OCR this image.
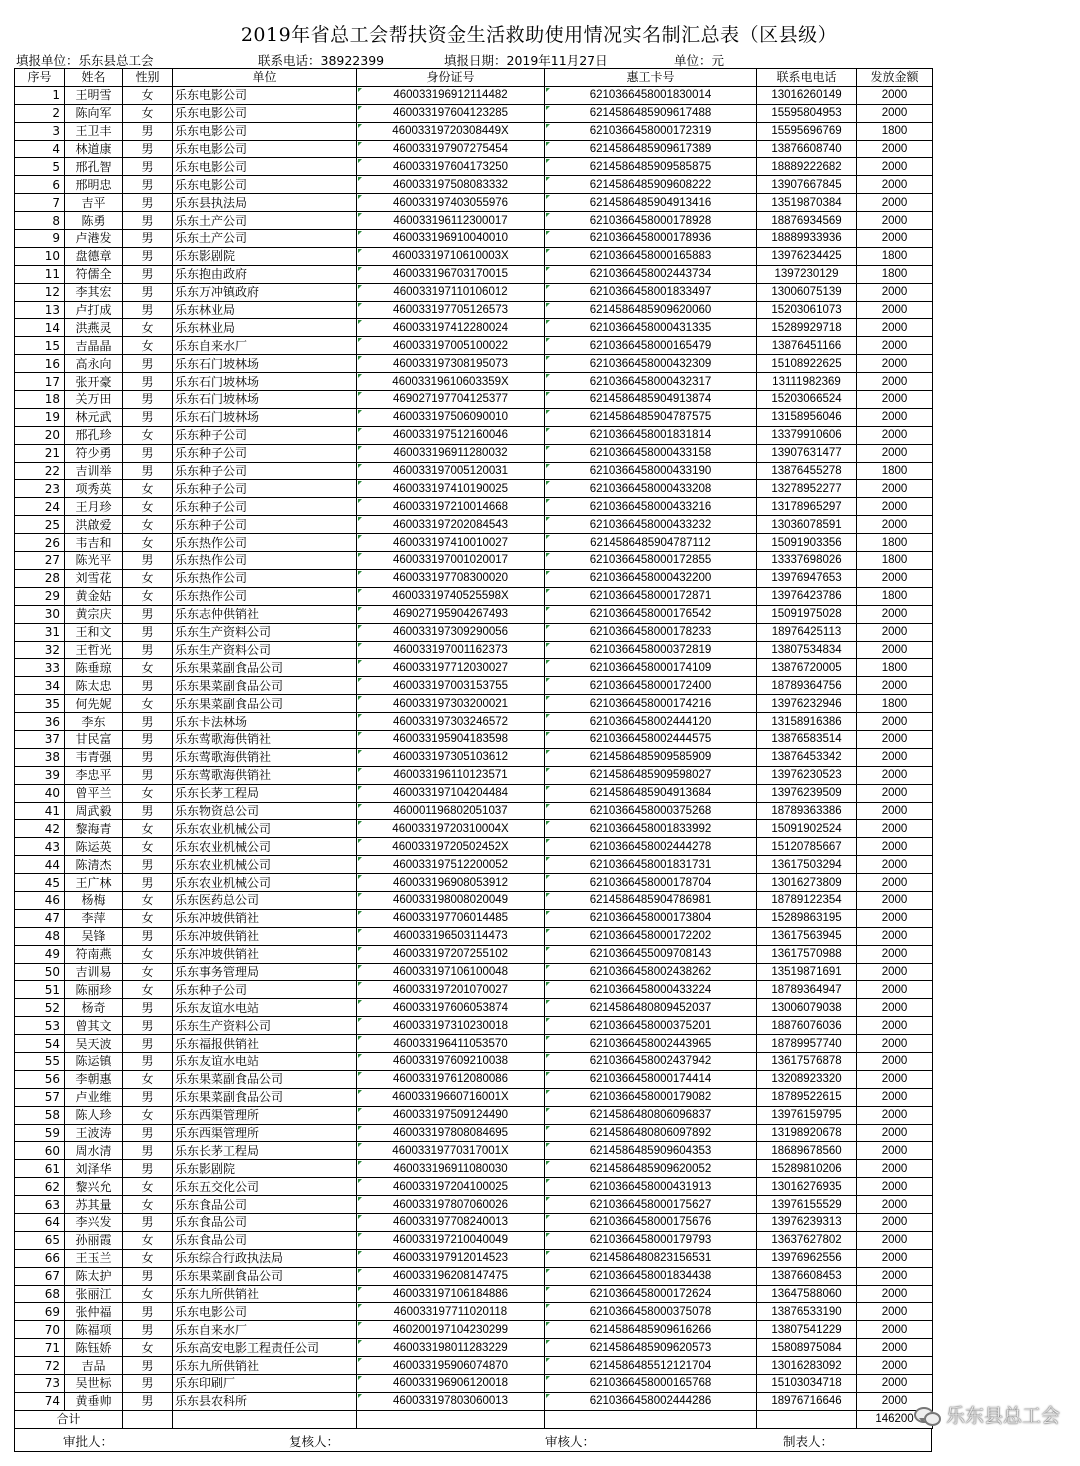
2019年省总工会帮扶资金生活救助使用情况实名制汇总表（区县级）
填报单位：乐东县总工会	联系电话：38922399	填报日期：2019年11月27日	单位：元
序号	姓名	性别	单位	身份证号	惠工卡号	联系电电话	发放金额
1	王明雪	女	乐东电影公司	460033196912114482	6210366458001830014	13016260149	2000
2	陈向军	女	乐东电影公司	460033197604123285	6214586485909617488	15595804953	2000
3	王卫丰	男	乐东电影公司	460033197203084​49X	6210366458000172319	15595696769	1800
4	林道康	男	乐东电影公司	460033197907275454	6214586485909617389	13876608740	2000
5	邢孔智	男	乐东电影公司	460033197604173250	6214586485909585875	18889222682	2000
6	邢明忠	男	乐东电影公司	460033197508083332	6214586485909608222	13907667845	2000
7	吉平	男	乐东县执法局	460033197403055976	6214586485904913416	13519870384	2000
8	陈勇	男	乐东土产公司	460033196112300017	6210366458000178928	18876934569	2000
9	卢港发	男	乐东土产公司	460033196910040010	6210366458000178936	18889933936	2000
10	盘德章	男	乐东影剧院	46003319710610003X	6210366458000165883	13976234425	1800
11	符儒全	男	乐东抱由政府	460033196703170015	6210366458002443734	1397230129	1800
12	李其宏	男	乐东万冲镇政府	460033197110106012	6210366458001833497	13006075139	2000
13	卢打成	男	乐东林业局	460033197705126573	6214586485909620060	15203061073	2000
14	洪燕灵	女	乐东林业局	460033197412280024	6210366458000431335	15289929718	2000
15	吉晶晶	女	乐东自来水厂	460033197005100022	6210366458000165479	13876451166	2000
16	高永向	男	乐东石门坡林场	460033197308195073	6210366458000432309	15108922625	2000
17	张开豪	男	乐东石门坡林场	46003319610603359X	6210366458000432317	13111982369	2000
18	关万田	男	乐东石门坡林场	469027197704125377	6214586485904913874	15203066524	2000
19	林元武	男	乐东石门坡林场	460033197506090010	6214586485904787575	13158956046	2000
20	邢孔珍	女	乐东种子公司	460033197512160046	6210366458001831814	13379910606	2000
21	符少勇	男	乐东种子公司	460033196911280032	6210366458000433158	13907631477	2000
22	吉训举	男	乐东种子公司	460033197005120031	6210366458000433190	13876455278	1800
23	项秀英	女	乐东种子公司	460033197410190025	6210366458000433208	13278952277	2000
24	王月珍	女	乐东种子公司	460033197210014668	6210366458000433216	13178965297	2000
25	洪啟爱	女	乐东种子公司	460033197202084543	6210366458000433232	13036078591	2000
26	韦吉和	女	乐东热作公司	460033197410010027	6214586485904787112	15091903356	1800
27	陈光平	男	乐东热作公司	460033197001020017	6210366458000172855	13337698026	1800
28	刘雪花	女	乐东热作公司	460033197708300020	6210366458000432200	13976947653	2000
29	黄金姑	女	乐东热作公司	46003319740525598X	6210366458000172871	13976423786	1800
30	黄宗庆	男	乐东志仲供销社	469027195904267493	6210366458000176542	15091975028	2000
31	王和文	男	乐东生产资料公司	460033197309290056	6210366458000178233	18976425113	2000
32	王哲光	男	乐东生产资料公司	460033197001162373	6210366458000372819	13807534834	2000
33	陈垂琼	女	乐东果菜副食品公司	460033197712030027	6210366458000174109	13876720005	1800
34	陈太忠	男	乐东果菜副食品公司	460033197003153755	6210366458000172400	18789364756	2000
35	何先妮	女	乐东果菜副食品公司	460033197303200021	6210366458000174216	13976232946	1800
36	李东	男	乐东卡法林场	460033197303246572	6210366458002444120	13158916386	2000
37	甘民富	男	乐东莺歌海供销社	460033195904183598	6210366458002444575	13876583514	2000
38	韦青强	男	乐东莺歌海供销社	460033197305103612	6214586485909585909	13876453342	2000
39	李忠平	男	乐东莺歌海供销社	460033196110123571	6214586485909598027	13976230523	2000
40	曾平兰	女	乐东长茅工程局	460033197104204484	6214586485904913684	13976239509	2000
41	周武毅	男	乐东物资总公司	460001196802051037	6210366458000375268	18789363386	2000
42	黎海青	女	乐东农业机械公司	46003319720310004X	6210366458001833992	15091902524	2000
43	陈运英	女	乐东农业机械公司	46003319720502452X	6210366458002444278	15120785667	2000
44	陈清杰	男	乐东农业机械公司	460033197512200052	6210366458001831731	13617503294	2000
45	王广林	男	乐东农业机械公司	460033196908053912	6210366458000178704	13016273809	2000
46	杨梅	女	乐东医药总公司	460033198008020049	6214586485904786981	18789122354	2000
47	李萍	女	乐东冲坡供销社	460033197706014485	6210366458000173804	15289863195	2000
48	吴锋	男	乐东冲坡供销社	460033196503114473	6210366458000172202	13617563945	2000
49	符南燕	女	乐东冲坡供销社	460033197207255102	6210366455009708143	13617570988	2000
50	吉训易	女	乐东事务管理局	460033197106100048	6210366458002438262	13519871691	2000
51	陈丽珍	女	乐东种子公司	460033197201070027	6210366458000433224	18789364947	2000
52	杨奇	男	乐东友谊水电站	460033197606053874	6214586480809452037	13006079038	2000
53	曾其文	男	乐东生产资料公司	460033197310230018	6210366458000375201	18876076036	2000
54	吴天波	男	乐东福报供销社	460033196411053570	6210366458002443965	18789957740	2000
55	陈运镇	男	乐东友谊水电站	460033197609210038	6210366458002437942	13617576878	2000
56	李朝惠	女	乐东果菜副食品公司	460033197612080086	6210366458000174414	13208923320	2000
57	卢业维	男	乐东果菜副食品公司	46003319660716001X	6210366458000179082	18789522615	2000
58	陈人珍	女	乐东西渠管理所	460033197509124490	6214586480806096837	13976159795	2000
59	王波涛	男	乐东西渠管理所	460033197808084695	6214586480806097892	13198920678	2000
60	周水清	男	乐东长茅工程局	46003319770317001X	6214586485909604353	18689678560	2000
61	刘泽华	男	乐东影剧院	460033196911080030	6214586485909620052	15289810206	2000
62	黎兴允	女	乐东五交化公司	460033197204100025	6210366458000431913	13016276935	2000
63	苏其量	女	乐东食品公司	460033197807060026	6210366458000175627	13976155529	2000
64	李兴发	男	乐东食品公司	460033197708240013	6210366458000175676	13976239313	2000
65	孙丽霞	女	乐东食品公司	460033197210040049	6210366458000179793	13637627802	2000
66	王玉兰	女	乐东综合行政执法局	460033197912014523	6214586480823156531	13976962556	2000
67	陈太护	男	乐东果菜副食品公司	460033196208147475	6210366458001834438	13876608453	2000
68	张丽江	女	乐东九所供销社	460033197106184886	6210366458000172624	13647588060	2000
69	张仲福	男	乐东电影公司	460033197711020118	6210366458000375078	13876533190	2000
70	陈福项	男	乐东自来水厂	460200197104230299	6214586485909616266	13807541229	2000
71	陈钰娇	女	乐东高安电影工程责任公司	460033198011283229	6214586485909620573	15808975084	2000
72	吉品	男	乐东九所供销社	460033195906074870	6214586485512121704	13016283092	2000
73	吴世标	男	乐东印刷厂	460033196906120018	6210366458000165768	15103034718	2000
74	黄垂帅	男	乐东县农科所	460033197803060013	6210366458002444286	18976716646	2000
合计							146200
审批人：	复核人：	审核人：	制表人：
乐东县总工会
